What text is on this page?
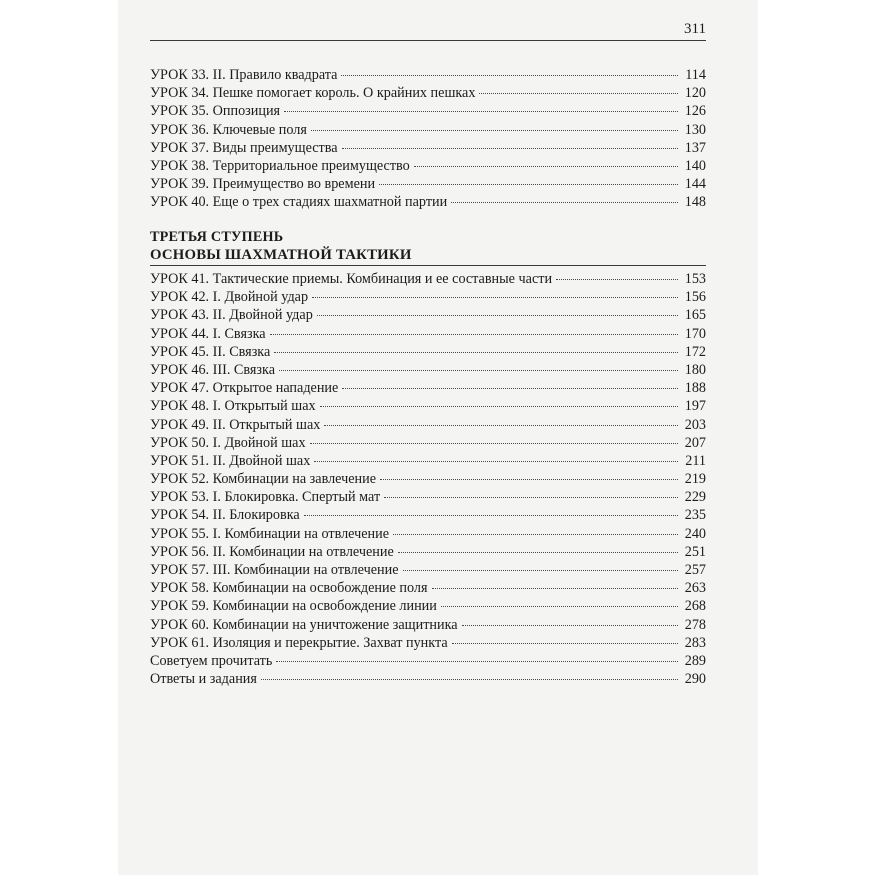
311
УРОК 33. II. Правило квадрата	114
УРОК 34. Пешке помогает король. О крайних пешках	120
УРОК 35. Оппозиция	126
УРОК 36. Ключевые поля	130
УРОК 37. Виды преимущества	137
УРОК 38. Территориальное преимущество	140
УРОК 39. Преимущество во времени	144
УРОК 40. Еще о трех стадиях шахматной партии	148
ТРЕТЬЯ СТУПЕНЬ
ОСНОВЫ ШАХМАТНОЙ ТАКТИКИ
УРОК 41. Тактические приемы. Комбинация и ее составные части	153
УРОК 42. I. Двойной удар	156
УРОК 43. II. Двойной удар	165
УРОК 44. I. Связка	170
УРОК 45. II. Связка	172
УРОК 46. III. Связка	180
УРОК 47. Открытое нападение	188
УРОК 48. I. Открытый шах	197
УРОК 49. II. Открытый шах	203
УРОК 50. I. Двойной шах	207
УРОК 51. II. Двойной шах	211
УРОК 52. Комбинации на завлечение	219
УРОК 53. I. Блокировка. Спертый мат	229
УРОК 54. II. Блокировка	235
УРОК 55. I. Комбинации на отвлечение	240
УРОК 56. II. Комбинации на отвлечение	251
УРОК 57. III. Комбинации на отвлечение	257
УРОК 58. Комбинации на освобождение поля	263
УРОК 59. Комбинации на освобождение линии	268
УРОК 60. Комбинации на уничтожение защитника	278
УРОК 61. Изоляция и перекрытие. Захват пункта	283
Советуем прочитать	289
Ответы и задания	290
